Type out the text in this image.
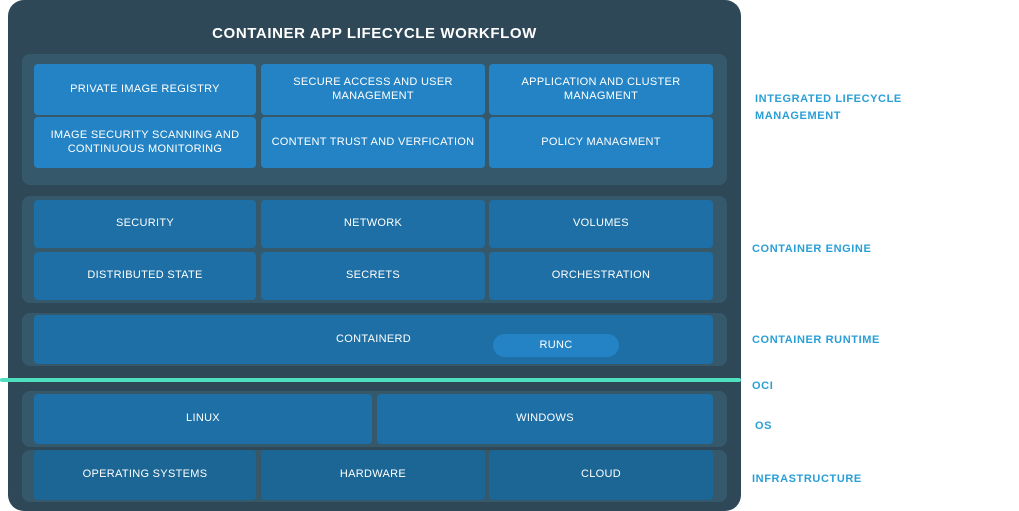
CONTAINER APP LIFECYCLE WORKFLOW
PRIVATE IMAGE REGISTRY
SECURE ACCESS AND USER MANAGEMENT
APPLICATION AND CLUSTER MANAGMENT
IMAGE SECURITY SCANNING AND CONTINUOUS MONITORING
CONTENT TRUST AND VERFICATION	POLICY MANAGMENT
SECURITY	NETWORK	VOLUMES
DISTRIBUTED STATE	SECRETS	ORCHESTRATION
CONTAINERD	RUNC
LINUX	WINDOWS
OPERATING SYSTEMS	HARDWARE	CLOUD
INTEGRATED LIFECYCLE MANAGEMENT
CONTAINER ENGINE
CONTAINER RUNTIME
OCI
OS
INFRASTRUCTURE
